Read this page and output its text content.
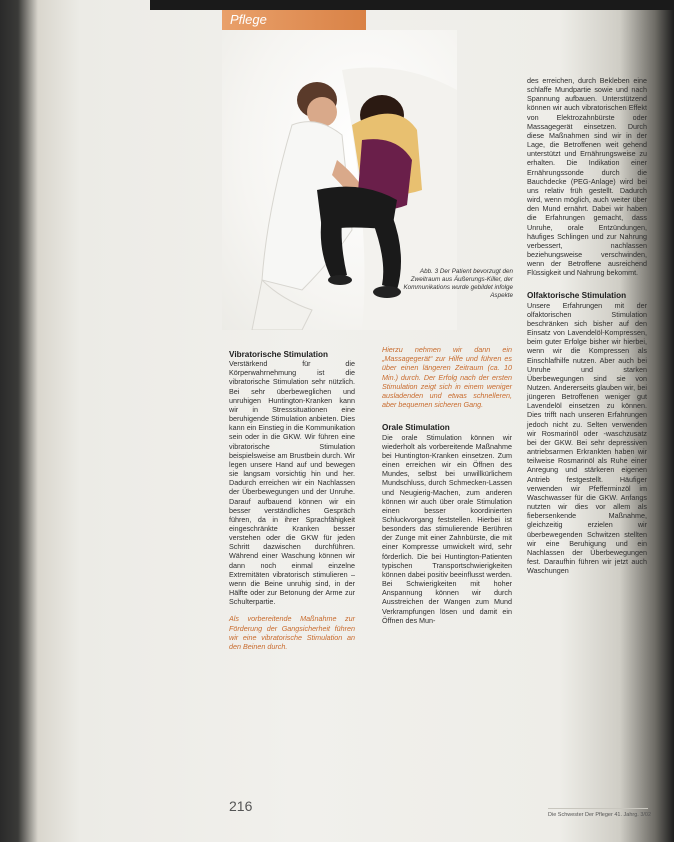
Pflege
Abb. 3 Der Patient bevorzugt den Zweitraum aus Äußerungs-Killer, der Kommunikations wurde gebildet infolge Aspekte

Vibratorische Stimulation

Verstärkend für die Körperwahrnehmung ist die vibratorische Stimulation sehr nützlich. Bei sehr überbeweglichen und unruhigen Huntington-Kranken kann wir in Stresssituationen eine beruhigende Stimulation anbieten. Dies kann ein Einstieg in die Kommunikation sein oder in die GKW. Wir führen eine vibratorische Stimulation beispielsweise am Brustbein durch. Wir legen unsere Hand auf und bewegen sie langsam vorsichtig hin und her. Dadurch erreichen wir ein Nachlassen der Überbewegungen und der Unruhe. Darauf aufbauend können wir ein besser verständliches Gespräch führen, da in ihrer Sprachfähigkeit eingeschränkte Kranken besser verstehen oder die GKW für jeden Schritt dazwischen durchführen. Während einer Waschung können wir dann noch einmal einzelne Extremitäten vibratorisch stimulieren – wenn die Beine unruhig sind, in der Hälfte oder zur Betonung der Arme zur Schulterpartie.

Als vorbereitende Maßnahme zur Förderung der Gangsicherheit führen wir eine vibratorische Stimulation an den Beinen durch.

Hierzu nehmen wir dann ein „Massagegerät“ zur Hilfe und führen es über einen längeren Zeitraum (ca. 10 Min.) durch. Der Erfolg nach der ersten Stimulation zeigt sich in einem weniger ausladenden und etwas schnelleren, aber bequemen sicheren Gang.

Orale Stimulation

Die orale Stimulation können wir wiederholt als vorbereitende Maßnahme bei Huntington-Kranken einsetzen. Zum einen erreichen wir ein Öffnen des Mundes, selbst bei unwillkürlichem Mundschluss, durch Schmecken-Lassen und Neugierig-Machen, zum anderen können wir auch über orale Stimulation einen besser koordinierten Schluckvorgang feststellen. Hierbei ist besonders das stimulierende Berühren der Zunge mit einer Zahnbürste, die mit einer Kompresse umwickelt wird, sehr förderlich. Die bei Huntington-Patienten typischen Transportschwierigkeiten können dabei positiv beeinflusst werden. Bei Schwierigkeiten mit hoher Anspannung können wir durch Ausstreichen der Wangen zum Mund Verkrampfungen lösen und damit ein Öffnen des Mun-

des erreichen, durch Bekleben eine schlaffe Mundpartie sowie und nach Spannung aufbauen. Unterstützend können wir auch vibratorischen Effekt von Elektrozahnbürste oder Massagegerät einsetzen. Durch diese Maßnahmen sind wir in der Lage, die Betroffenen weit gehend unterstützt und Ernährungsweise zu erhalten. Die Indikation einer Ernährungssonde durch die Bauchdecke (PEG-Anlage) wird bei uns relativ früh gestellt. Dadurch wird, wenn möglich, auch weiter über den Mund ernährt. Dabei wir haben die Erfahrungen gemacht, dass Unruhe, orale Entzündungen, häufiges Schlingen und zur Nahrung verbessert, nachlassen beziehungsweise verschwinden, wenn der Betroffene ausreichend Flüssigkeit und Nahrung bekommt.

Olfaktorische Stimulation

Unsere Erfahrungen mit der olfaktorischen Stimulation beschränken sich bisher auf den Einsatz von Lavendelöl-Kompressen, beim guter Erfolge bisher wir hierbei, wenn wir die Kompressen als Einschlafhilfe nutzen. Aber auch bei Unruhe und starken Überbewegungen sind sie von Nutzen. Andererseits glauben wir, bei jüngeren Betroffenen weniger gut Lavendelöl einsetzen zu können. Dies trifft nach unseren Erfahrungen jedoch nicht zu. Selten verwenden wir Rosmarinöl oder -waschzusatz bei der GKW. Bei sehr depressiven antriebsarmen Erkrankten haben wir teilweise Rosmarinöl als Ruhe einer Anregung und stärkeren eigenen Antrieb festgestellt. Häufiger verwenden wir Pfefferminzöl im Waschwasser für die GKW. Anfangs nutzten wir dies vor allem als fiebersenkende Maßnahme, gleichzeitig erzielen wir überbewegenden Schwitzen stellten wir eine Beruhigung und ein Nachlassen der Überbewegungen fest. Daraufhin führen wir jetzt auch Waschungen

216
Die Schwester Der Pfleger 41. Jahrg. 3/02
